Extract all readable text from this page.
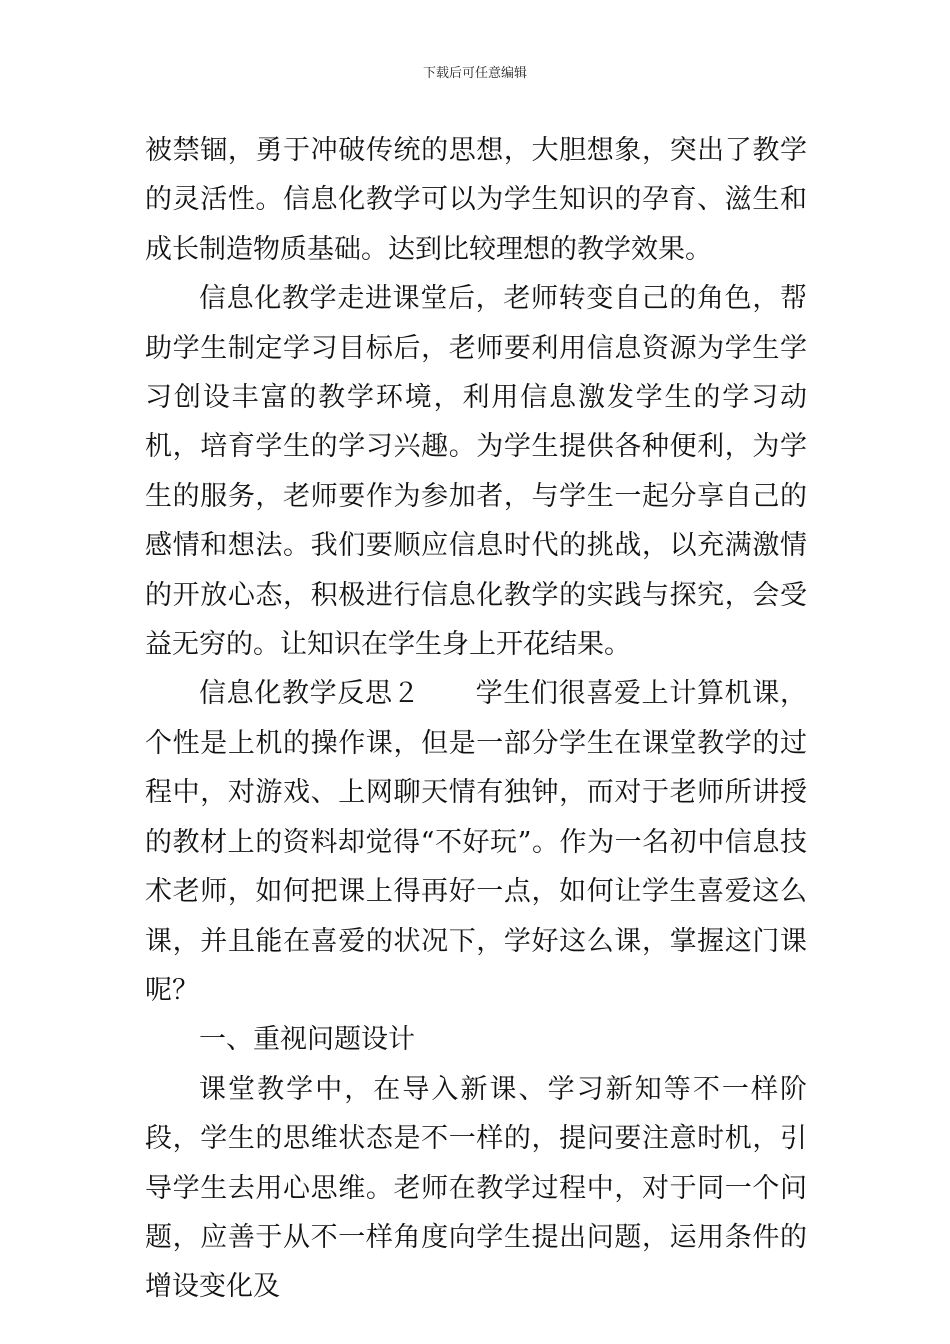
下载后可任意编辑

被禁锢，勇于冲破传统的思想，大胆想象，突出了教学的灵活性。信息化教学可以为学生知识的孕育、滋生和成长制造物质基础。达到比较理想的教学效果。

信息化教学走进课堂后，老师转变自己的角色，帮助学生制定学习目标后，老师要利用信息资源为学生学习创设丰富的教学环境，利用信息激发学生的学习动机，培育学生的学习兴趣。为学生提供各种便利，为学生的服务，老师要作为参加者，与学生一起分享自己的感情和想法。我们要顺应信息时代的挑战，以充满激情的开放心态，积极进行信息化教学的实践与探究，会受益无穷的。让知识在学生身上开花结果。

信息化教学反思２　　学生们很喜爱上计算机课，个性是上机的操作课，但是一部分学生在课堂教学的过程中，对游戏、上网聊天情有独钟，而对于老师所讲授的教材上的资料却觉得“不好玩”。作为一名初中信息技术老师，如何把课上得再好一点，如何让学生喜爱这么课，并且能在喜爱的状况下，学好这么课，掌握这门课呢？

一、重视问题设计

课堂教学中，在导入新课、学习新知等不一样阶段，学生的思维状态是不一样的，提问要注意时机，引导学生去用心思维。老师在教学过程中，对于同一个问题，应善于从不一样角度向学生提出问题，运用条件的增设变化及
